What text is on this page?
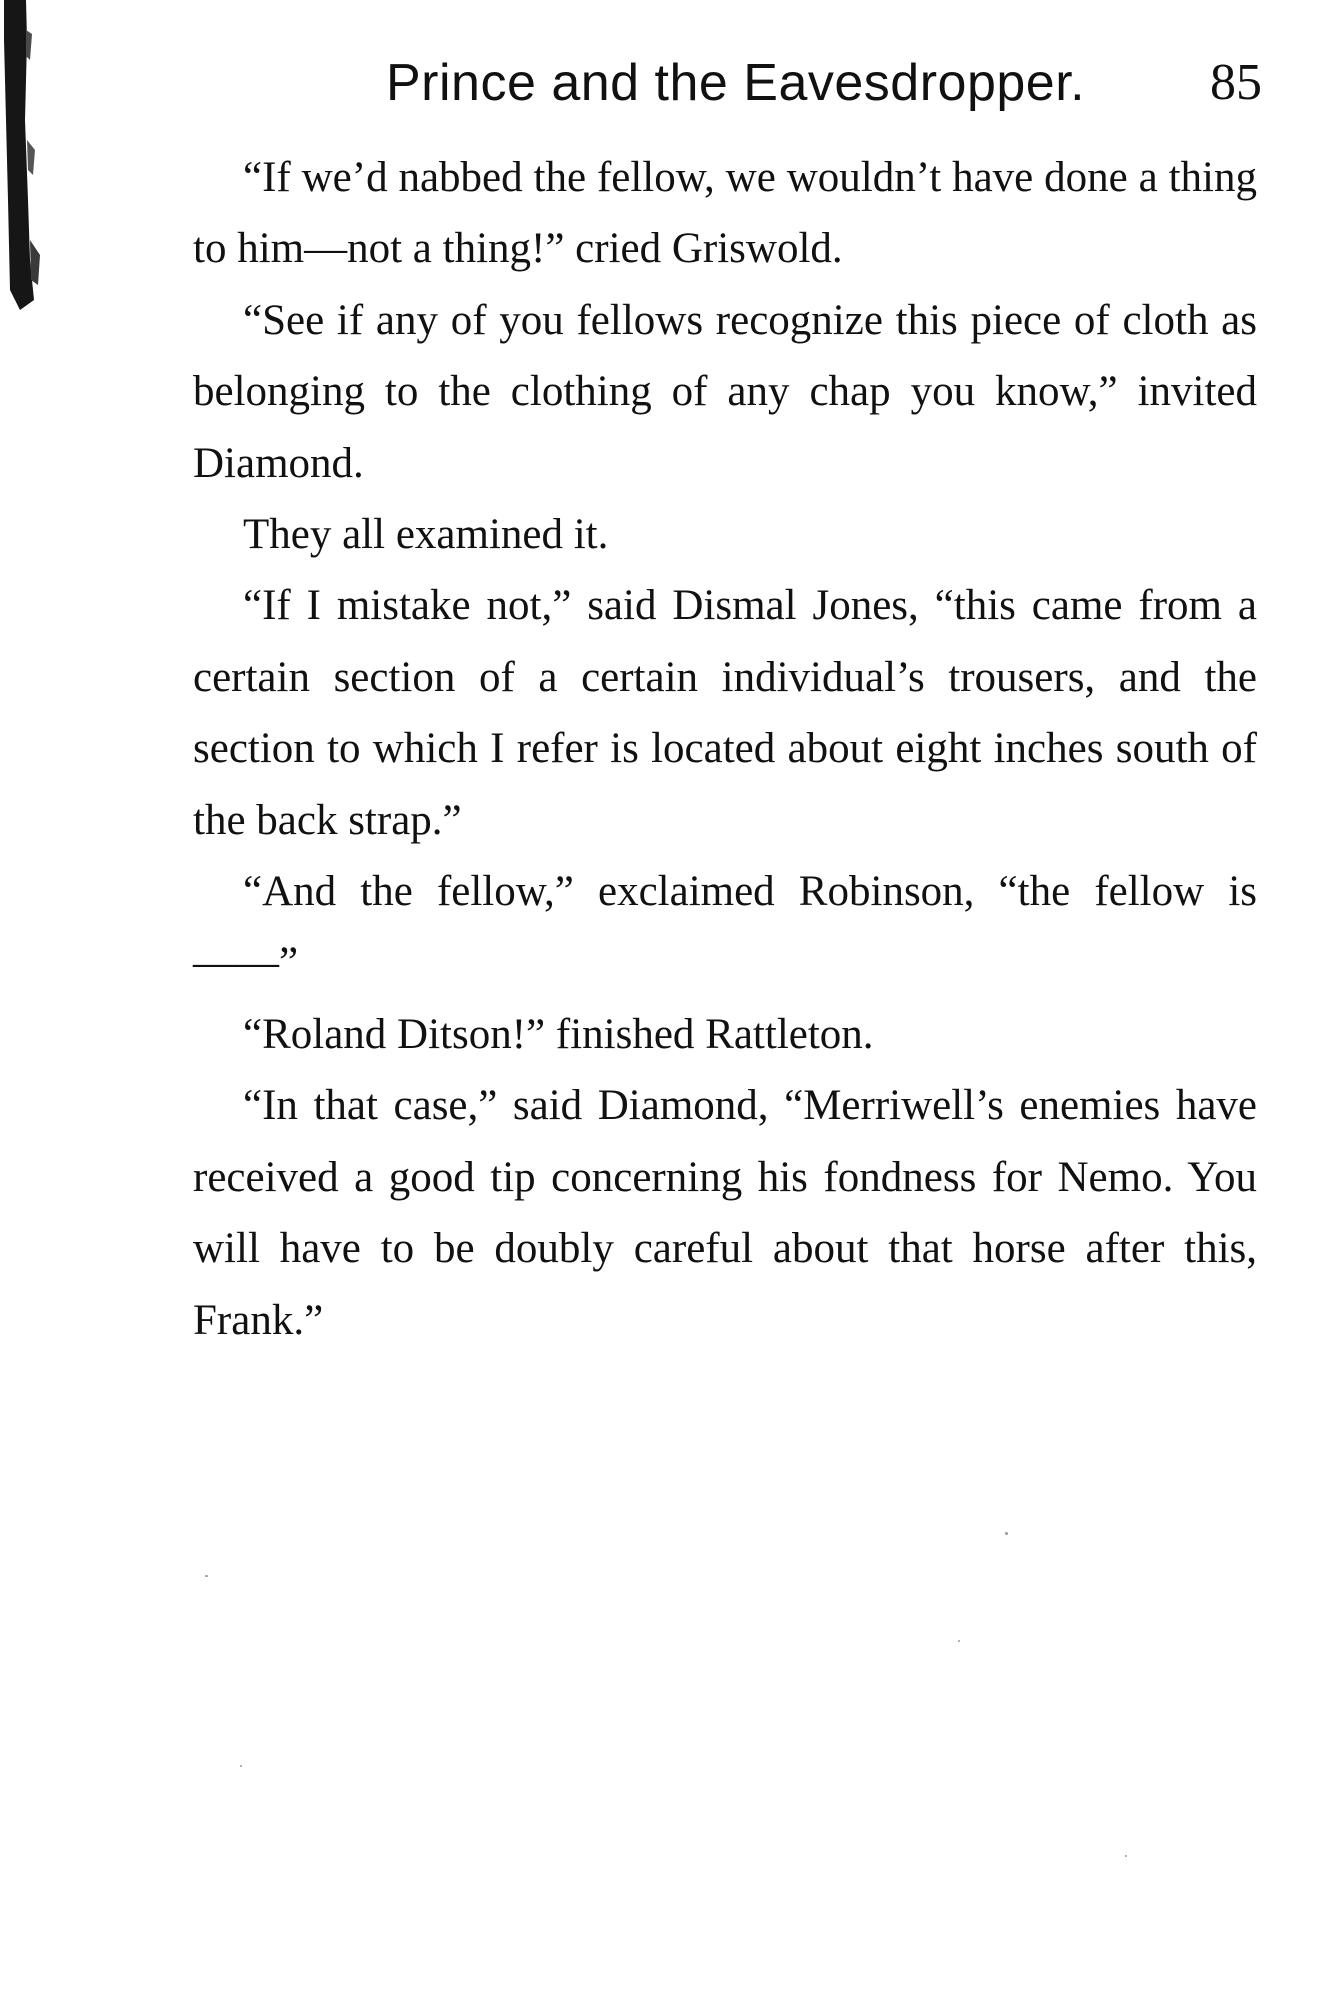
Prince and the Eavesdropper. 85

“If we’d nabbed the fellow, we wouldn’t have done a thing to him—not a thing!” cried Griswold.

“See if any of you fellows recognize this piece of cloth as belonging to the clothing of any chap you know,” invited Diamond.

They all examined it.

“If I mistake not,” said Dismal Jones, “this came from a certain section of a certain individual’s trousers, and the section to which I refer is located about eight inches south of the back strap.”

“And the fellow,” exclaimed Robinson, “the fellow is——”

“Roland Ditson!” finished Rattleton.

“In that case,” said Diamond, “Merriwell’s enemies have received a good tip concerning his fondness for Nemo. You will have to be doubly careful about that horse after this, Frank.”
